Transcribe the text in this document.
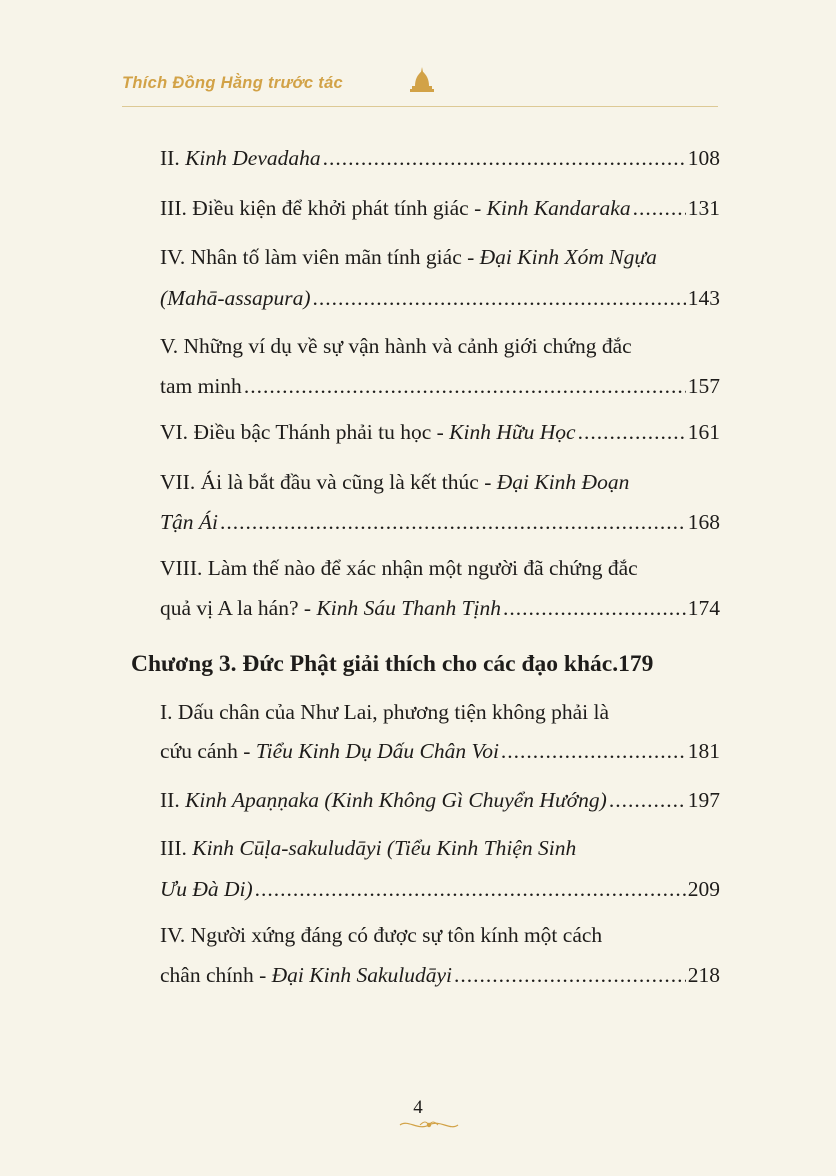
Thích Đồng Hằng trước tác
II. Kinh Devadaha .....	108
III. Điều kiện để khởi phát tính giác - Kinh Kandaraka .....	131
IV. Nhân tố làm viên mãn tính giác - Đại Kinh Xóm Ngựa
(Mahā-assapura) .....	143
V. Những ví dụ về sự vận hành và cảnh giới chứng đắc
tam minh .....	157
VI. Điều bậc Thánh phải tu học - Kinh Hữu Học .....	161
VII. Ái là bắt đầu và cũng là kết thúc - Đại Kinh Đoạn
Tận Ái .....	168
VIII. Làm thế nào để xác nhận một người đã chứng đắc
quả vị A la hán? - Kinh Sáu Thanh Tịnh .....	174
Chương 3. Đức Phật giải thích cho các đạo khác.179
I. Dấu chân của Như Lai, phương tiện không phải là
cứu cánh - Tiểu Kinh Dụ Dấu Chân Voi .....	181
II. Kinh Apaṇṇaka (Kinh Không Gì Chuyển Hướng) .....	197
III. Kinh Cūḷa-sakuludāyi (Tiểu Kinh Thiện Sinh
Ưu Đà Di) .....	209
IV. Người xứng đáng có được sự tôn kính một cách
chân chính - Đại Kinh Sakuludāyi .....	218
4
